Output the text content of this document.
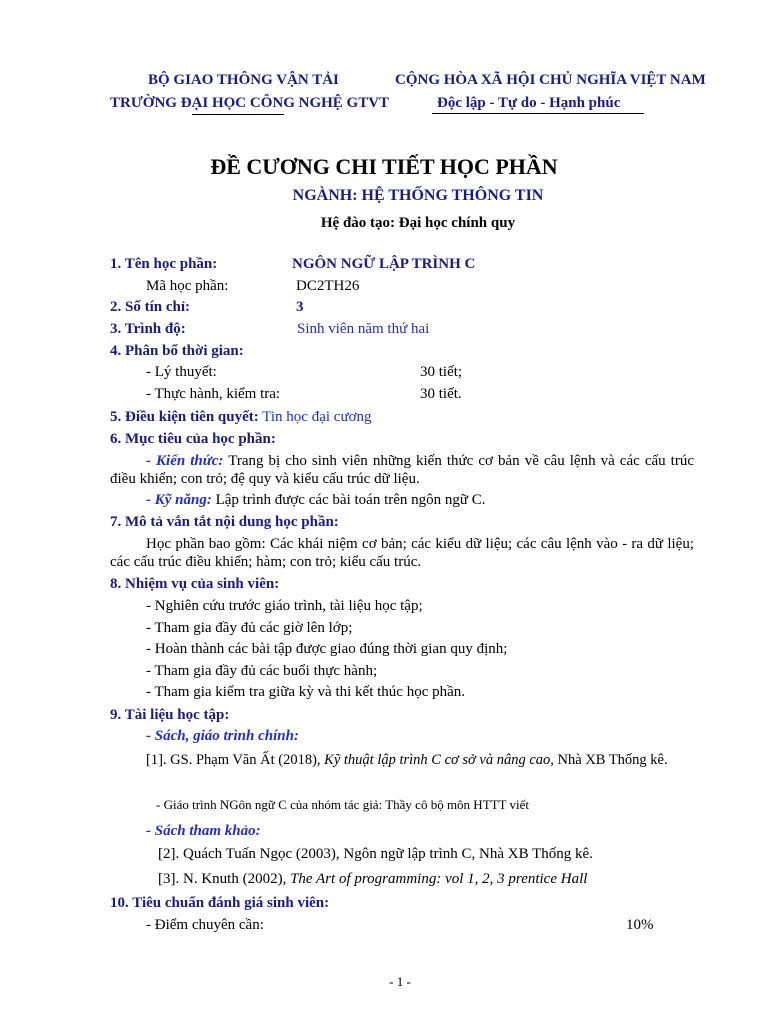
BỘ GIAO THÔNG VẬN TẢI
TRƯỜNG ĐẠI HỌC CÔNG NGHỆ GTVT
CỘNG HÒA XÃ HỘI CHỦ NGHĨA VIỆT NAM
Độc lập - Tự do - Hạnh phúc
ĐỀ CƯƠNG CHI TIẾT HỌC PHẦN
NGÀNH: HỆ THỐNG THÔNG TIN
Hệ đào tạo: Đại học chính quy
1. Tên học phần:	NGÔN NGỮ LẬP TRÌNH C
Mã học phần:	DC2TH26
2. Số tín chỉ:	3
3. Trình độ:	Sinh viên năm thứ hai
4. Phân bổ thời gian:
- Lý thuyết:	30 tiết;
- Thực hành, kiểm tra:	30 tiết.
5. Điều kiện tiên quyết: Tin học đại cương
6. Mục tiêu của học phần:
- Kiến thức: Trang bị cho sinh viên những kiến thức cơ bản về câu lệnh và các cấu trúc điều khiển; con trỏ; đệ quy và kiểu cấu trúc dữ liệu.
- Kỹ năng: Lập trình được các bài toán trên ngôn ngữ C.
7. Mô tả vắn tắt nội dung học phần:
Học phần bao gồm: Các khái niệm cơ bản; các kiểu dữ liệu; các câu lệnh vào - ra dữ liệu; các cấu trúc điều khiển; hàm; con trỏ; kiểu cấu trúc.
8. Nhiệm vụ của sinh viên:
- Nghiên cứu trước giáo trình, tài liệu học tập;
- Tham gia đầy đủ các giờ lên lớp;
- Hoàn thành các bài tập được giao đúng thời gian quy định;
- Tham gia đầy đủ các buổi thực hành;
- Tham gia kiểm tra giữa kỳ và thi kết thúc học phần.
9. Tài liệu học tập:
- Sách, giáo trình chính:
[1]. GS. Phạm Văn Ất (2018), Kỹ thuật lập trình C cơ sở và nâng cao, Nhà XB Thống kê.
- Giáo trình NGôn ngữ C của nhóm tác giả: Thầy cô bộ môn HTTT viết
- Sách tham khảo:
[2]. Quách Tuấn Ngọc (2003), Ngôn ngữ lập trình C, Nhà XB Thống kê.
[3]. N. Knuth (2002), The Art of programming: vol 1, 2, 3 prentice Hall
10. Tiêu chuẩn đánh giá sinh viên:
- Điểm chuyên cần:	10%
- 1 -
